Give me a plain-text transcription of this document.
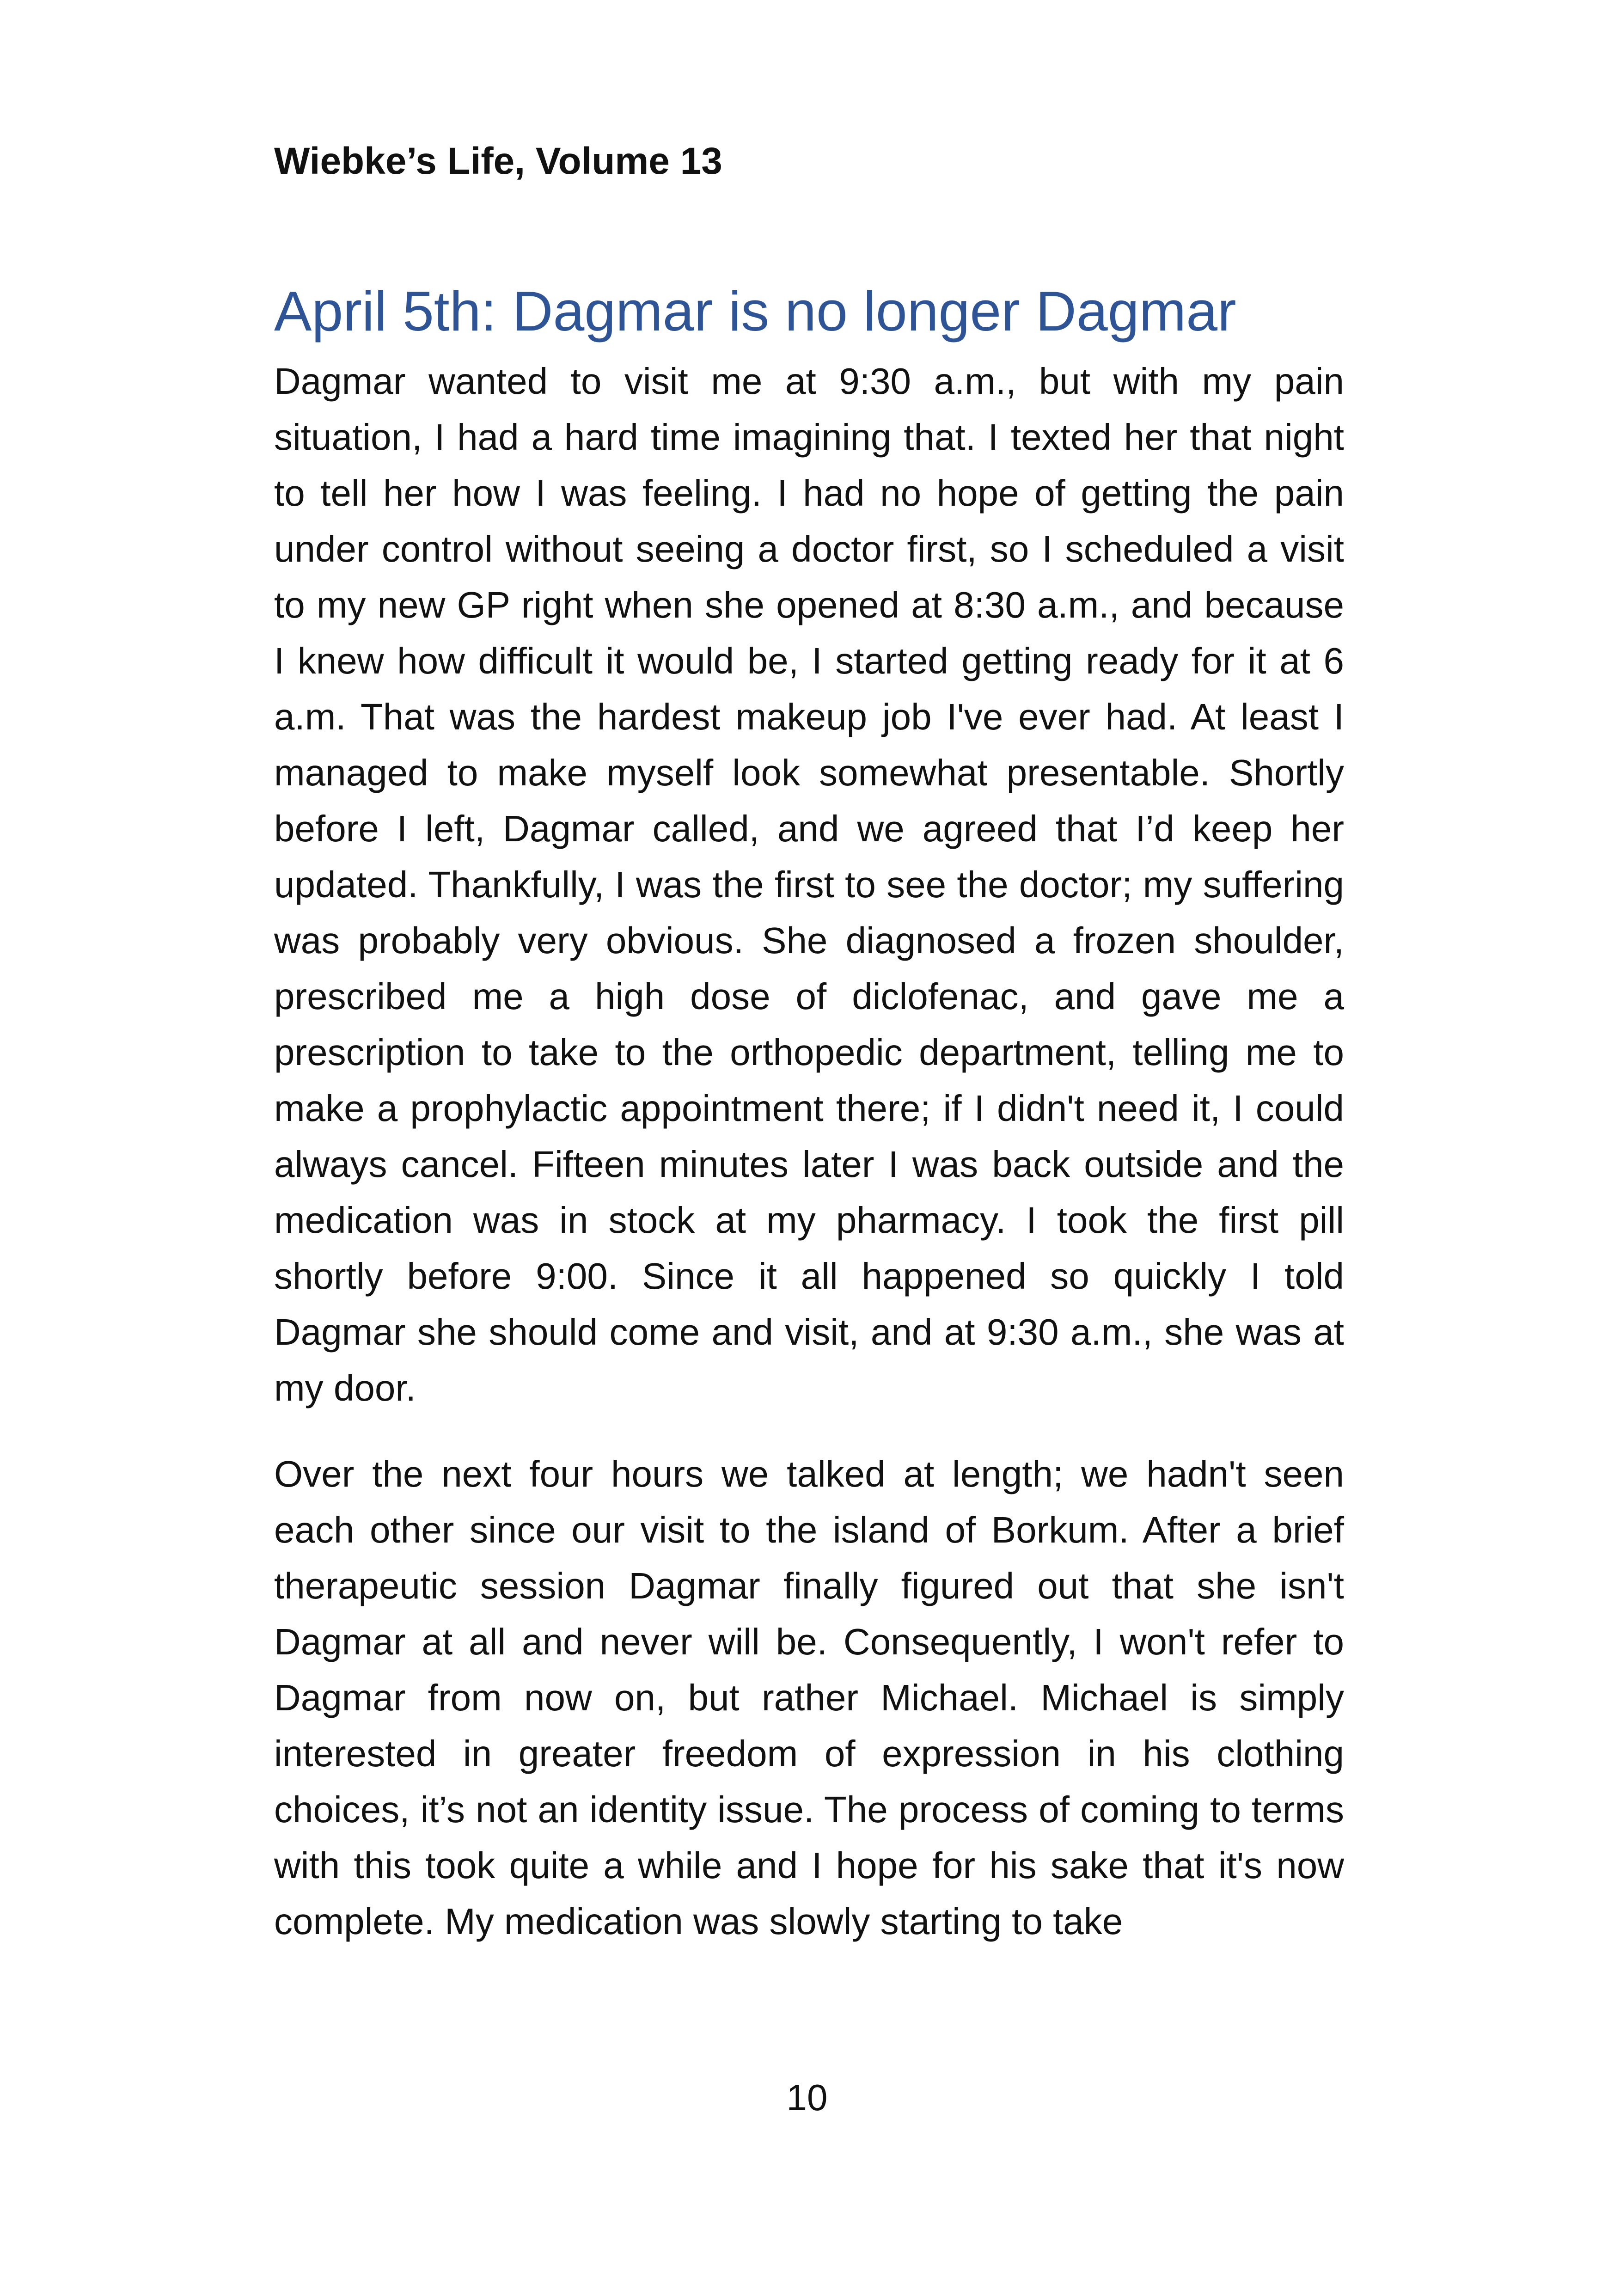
Wiebke’s Life, Volume 13
April 5th: Dagmar is no longer Dagmar

Dagmar wanted to visit me at 9:30 a.m., but with my pain situation, I had a hard time imagining that. I texted her that night to tell her how I was feeling. I had no hope of getting the pain under control without seeing a doctor first, so I scheduled a visit to my new GP right when she opened at 8:30 a.m., and because I knew how difficult it would be, I started getting ready for it at 6 a.m. That was the hardest makeup job I've ever had. At least I managed to make myself look somewhat presentable. Shortly before I left, Dagmar called, and we agreed that I’d keep her updated. Thankfully, I was the first to see the doctor; my suffering was probably very obvious. She diagnosed a frozen shoulder, prescribed me a high dose of diclofenac, and gave me a prescription to take to the orthopedic department, telling me to make a prophylactic appointment there; if I didn't need it, I could always cancel. Fifteen minutes later I was back outside and the medication was in stock at my pharmacy. I took the first pill shortly before 9:00. Since it all happened so quickly I told Dagmar she should come and visit, and at 9:30 a.m., she was at my door.

Over the next four hours we talked at length; we hadn't seen each other since our visit to the island of Borkum. After a brief therapeutic session Dagmar finally figured out that she isn't Dagmar at all and never will be. Consequently, I won't refer to Dagmar from now on, but rather Michael. Michael is simply interested in greater freedom of expression in his clothing choices, it’s not an identity issue. The process of coming to terms with this took quite a while and I hope for his sake that it's now complete. My medication was slowly starting to take

10
